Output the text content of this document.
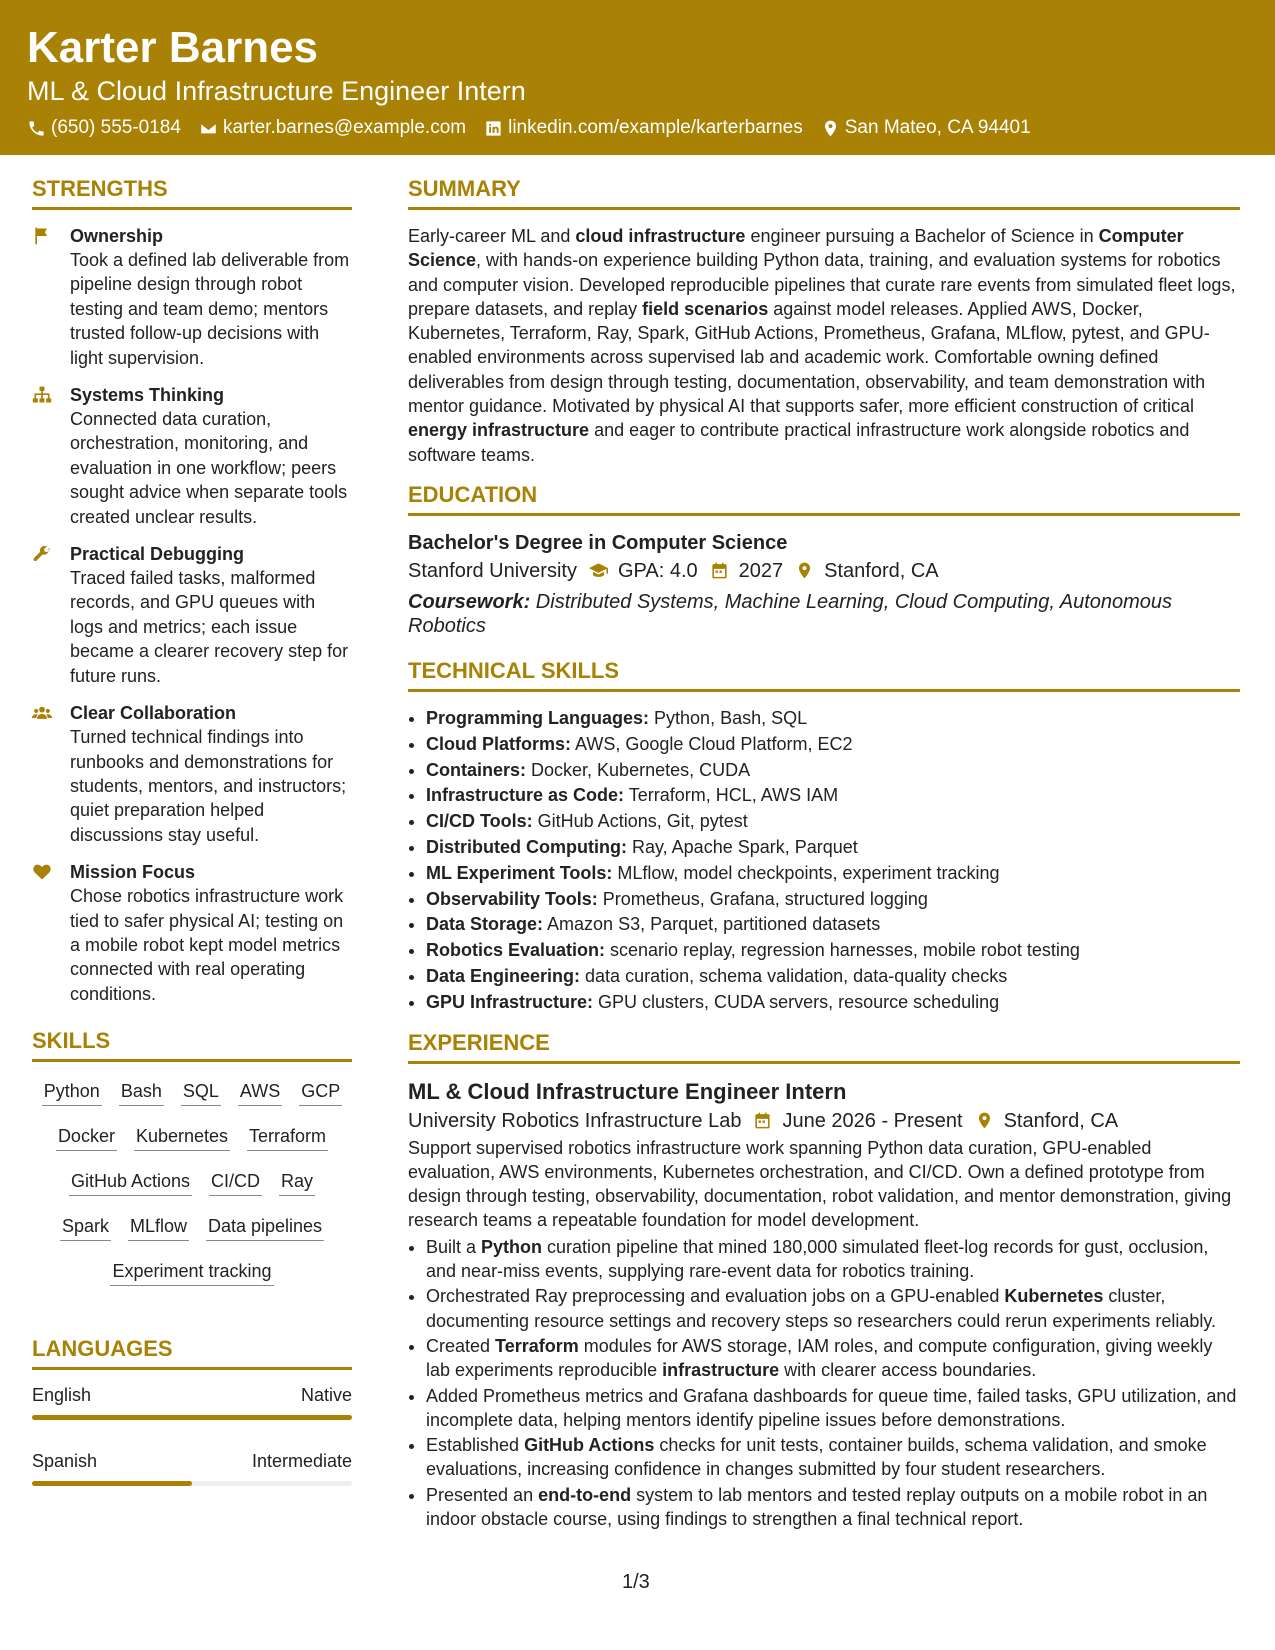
Karter Barnes
ML & Cloud Infrastructure Engineer Intern
(650) 555-0184 karter.barnes@example.com linkedin.com/example/karterbarnes San Mateo, CA 94401
STRENGTHS
Ownership
Took a defined lab deliverable from pipeline design through robot testing and team demo; mentors trusted follow-up decisions with light supervision.
Systems Thinking
Connected data curation, orchestration, monitoring, and evaluation in one workflow; peers sought advice when separate tools created unclear results.
Practical Debugging
Traced failed tasks, malformed records, and GPU queues with logs and metrics; each issue became a clearer recovery step for future runs.
Clear Collaboration
Turned technical findings into runbooks and demonstrations for students, mentors, and instructors; quiet preparation helped discussions stay useful.
Mission Focus
Chose robotics infrastructure work tied to safer physical AI; testing on a mobile robot kept model metrics connected with real operating conditions.
SKILLS
Python Bash SQL AWS GCP
Docker Kubernetes Terraform
GitHub Actions CI/CD Ray
Spark MLflow Data pipelines
Experiment tracking
LANGUAGES
English	Native
Spanish	Intermediate
SUMMARY
Early-career ML and cloud infrastructure engineer pursuing a Bachelor of Science in Computer Science, with hands-on experience building Python data, training, and evaluation systems for robotics and computer vision. Developed reproducible pipelines that curate rare events from simulated fleet logs, prepare datasets, and replay field scenarios against model releases. Applied AWS, Docker, Kubernetes, Terraform, Ray, Spark, GitHub Actions, Prometheus, Grafana, MLflow, pytest, and GPU-enabled environments across supervised lab and academic work. Comfortable owning defined deliverables from design through testing, documentation, observability, and team demonstration with mentor guidance. Motivated by physical AI that supports safer, more efficient construction of critical energy infrastructure and eager to contribute practical infrastructure work alongside robotics and software teams.
EDUCATION
Bachelor's Degree in Computer Science
Stanford University GPA: 4.0 2027 Stanford, CA
Coursework: Distributed Systems, Machine Learning, Cloud Computing, Autonomous Robotics
TECHNICAL SKILLS
• Programming Languages: Python, Bash, SQL
• Cloud Platforms: AWS, Google Cloud Platform, EC2
• Containers: Docker, Kubernetes, CUDA
• Infrastructure as Code: Terraform, HCL, AWS IAM
• CI/CD Tools: GitHub Actions, Git, pytest
• Distributed Computing: Ray, Apache Spark, Parquet
• ML Experiment Tools: MLflow, model checkpoints, experiment tracking
• Observability Tools: Prometheus, Grafana, structured logging
• Data Storage: Amazon S3, Parquet, partitioned datasets
• Robotics Evaluation: scenario replay, regression harnesses, mobile robot testing
• Data Engineering: data curation, schema validation, data-quality checks
• GPU Infrastructure: GPU clusters, CUDA servers, resource scheduling
EXPERIENCE
ML & Cloud Infrastructure Engineer Intern
University Robotics Infrastructure Lab June 2026 - Present Stanford, CA
Support supervised robotics infrastructure work spanning Python data curation, GPU-enabled evaluation, AWS environments, Kubernetes orchestration, and CI/CD. Own a defined prototype from design through testing, observability, documentation, robot validation, and mentor demonstration, giving research teams a repeatable foundation for model development.
• Built a Python curation pipeline that mined 180,000 simulated fleet-log records for gust, occlusion, and near-miss events, supplying rare-event data for robotics training.
• Orchestrated Ray preprocessing and evaluation jobs on a GPU-enabled Kubernetes cluster, documenting resource settings and recovery steps so researchers could rerun experiments reliably.
• Created Terraform modules for AWS storage, IAM roles, and compute configuration, giving weekly lab experiments reproducible infrastructure with clearer access boundaries.
• Added Prometheus metrics and Grafana dashboards for queue time, failed tasks, GPU utilization, and incomplete data, helping mentors identify pipeline issues before demonstrations.
• Established GitHub Actions checks for unit tests, container builds, schema validation, and smoke evaluations, increasing confidence in changes submitted by four student researchers.
• Presented an end-to-end system to lab mentors and tested replay outputs on a mobile robot in an indoor obstacle course, using findings to strengthen a final technical report.
1/3
